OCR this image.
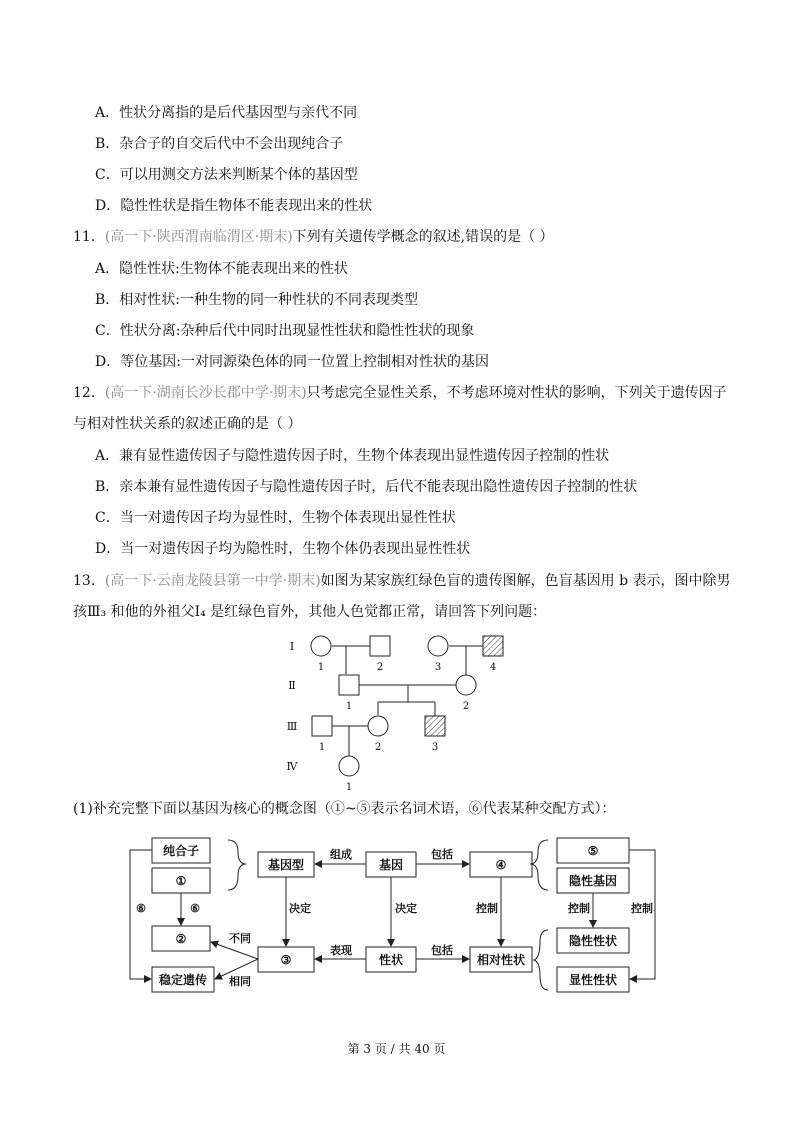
A．性状分离指的是后代基因型与亲代不同
B．杂合子的自交后代中不会出现纯合子
C．可以用测交方法来判断某个体的基因型
D．隐性性状是指生物体不能表现出来的性状
11．(高一下·陕西渭南临渭区·期末)下列有关遗传学概念的叙述,错误的是（ ）
A．隐性性状:生物体不能表现出来的性状
B．相对性状:一种生物的同一种性状的不同表现类型
C．性状分离:杂种后代中同时出现显性性状和隐性性状的现象
D．等位基因:一对同源染色体的同一位置上控制相对性状的基因
12．(高一下·湖南长沙长郡中学·期末)只考虑完全显性关系，不考虑环境对性状的影响，下列关于遗传因子
与相对性状关系的叙述正确的是（ ）
A．兼有显性遗传因子与隐性遗传因子时，生物个体表现出显性遗传因子控制的性状
B．亲本兼有显性遗传因子与隐性遗传因子时，后代不能表现出隐性遗传因子控制的性状
C．当一对遗传因子均为显性时，生物个体表现出显性性状
D．当一对遗传因子均为隐性时，生物个体仍表现出显性性状
13．(高一下·云南龙陵县第一中学·期末)如图为某家族红绿色盲的遗传图解，色盲基因用 b 表示，图中除男
孩Ⅲ₃ 和他的外祖父Ⅰ₄ 是红绿色盲外，其他人色觉都正常，请回答下列问题：
Ⅰ
Ⅱ
Ⅲ
Ⅳ
1	2	3	4
1	2
1	2	3
1
(1)补充完整下面以基因为核心的概念图（①~⑤表示名词术语，⑥代表某种交配方式）：
纯合子
①
②
稳定遗传
基因型
③
基因
性状
④
相对性状
⑤
隐性基因
隐性性状
显性性状
组成	包括
决定	决定	控制	控制	控制
表现	包括
不同
相同
⑥	⑥
第 3 页 / 共 40 页
